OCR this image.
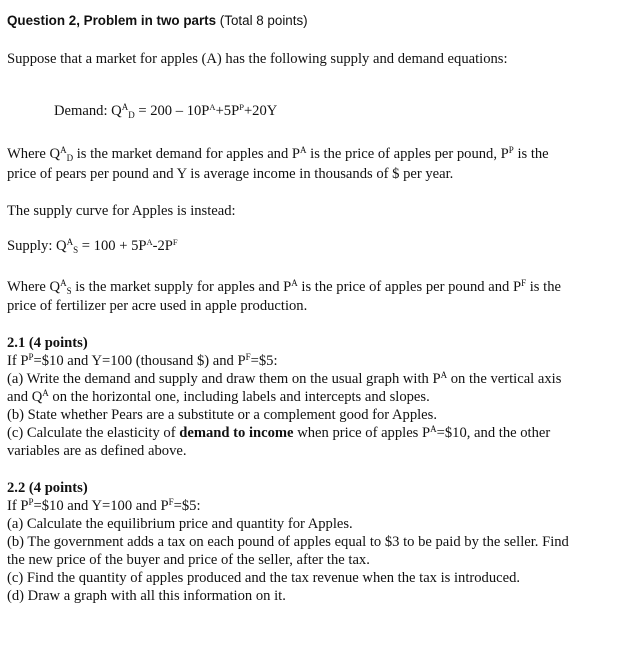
Question 2, Problem in two parts (Total 8 points)
Suppose that a market for apples (A) has the following supply and demand equations:
Demand: $Q^A_D = 200 - 10P^A+5P^P+20Y$
Where $Q^A_D$ is the market demand for apples and $P^A$ is the price of apples per pound, $P^P$ is the
price of pears per pound and Y is average income in thousands of $ per year.
The supply curve for Apples is instead:
Supply: $Q^A_S = 100 + 5P^A-2P^F$
Where $Q^A_S$ is the market supply for apples and $P^A$ is the price of apples per pound and $P^F$ is the
price of fertilizer per acre used in apple production.
2.1 (4 points)
If $P^P=\$10$ and Y=100 (thousand $) and $P^F=\$5$:
(a) Write the demand and supply and draw them on the usual graph with $P^A$ on the vertical axis
and $Q^A$ on the horizontal one, including labels and intercepts and slopes.
(b) State whether Pears are a substitute or a complement good for Apples.
(c) Calculate the elasticity of demand to income when price of apples $P^A=\$10$, and the other
variables are as defined above.
2.2 (4 points)
If $P^P=\$10$ and Y=100 and $P^F=\$5$:
(a) Calculate the equilibrium price and quantity for Apples.
(b) The government adds a tax on each pound of apples equal to $3 to be paid by the seller. Find
the new price of the buyer and price of the seller, after the tax.
(c) Find the quantity of apples produced and the tax revenue when the tax is introduced.
(d) Draw a graph with all this information on it.
